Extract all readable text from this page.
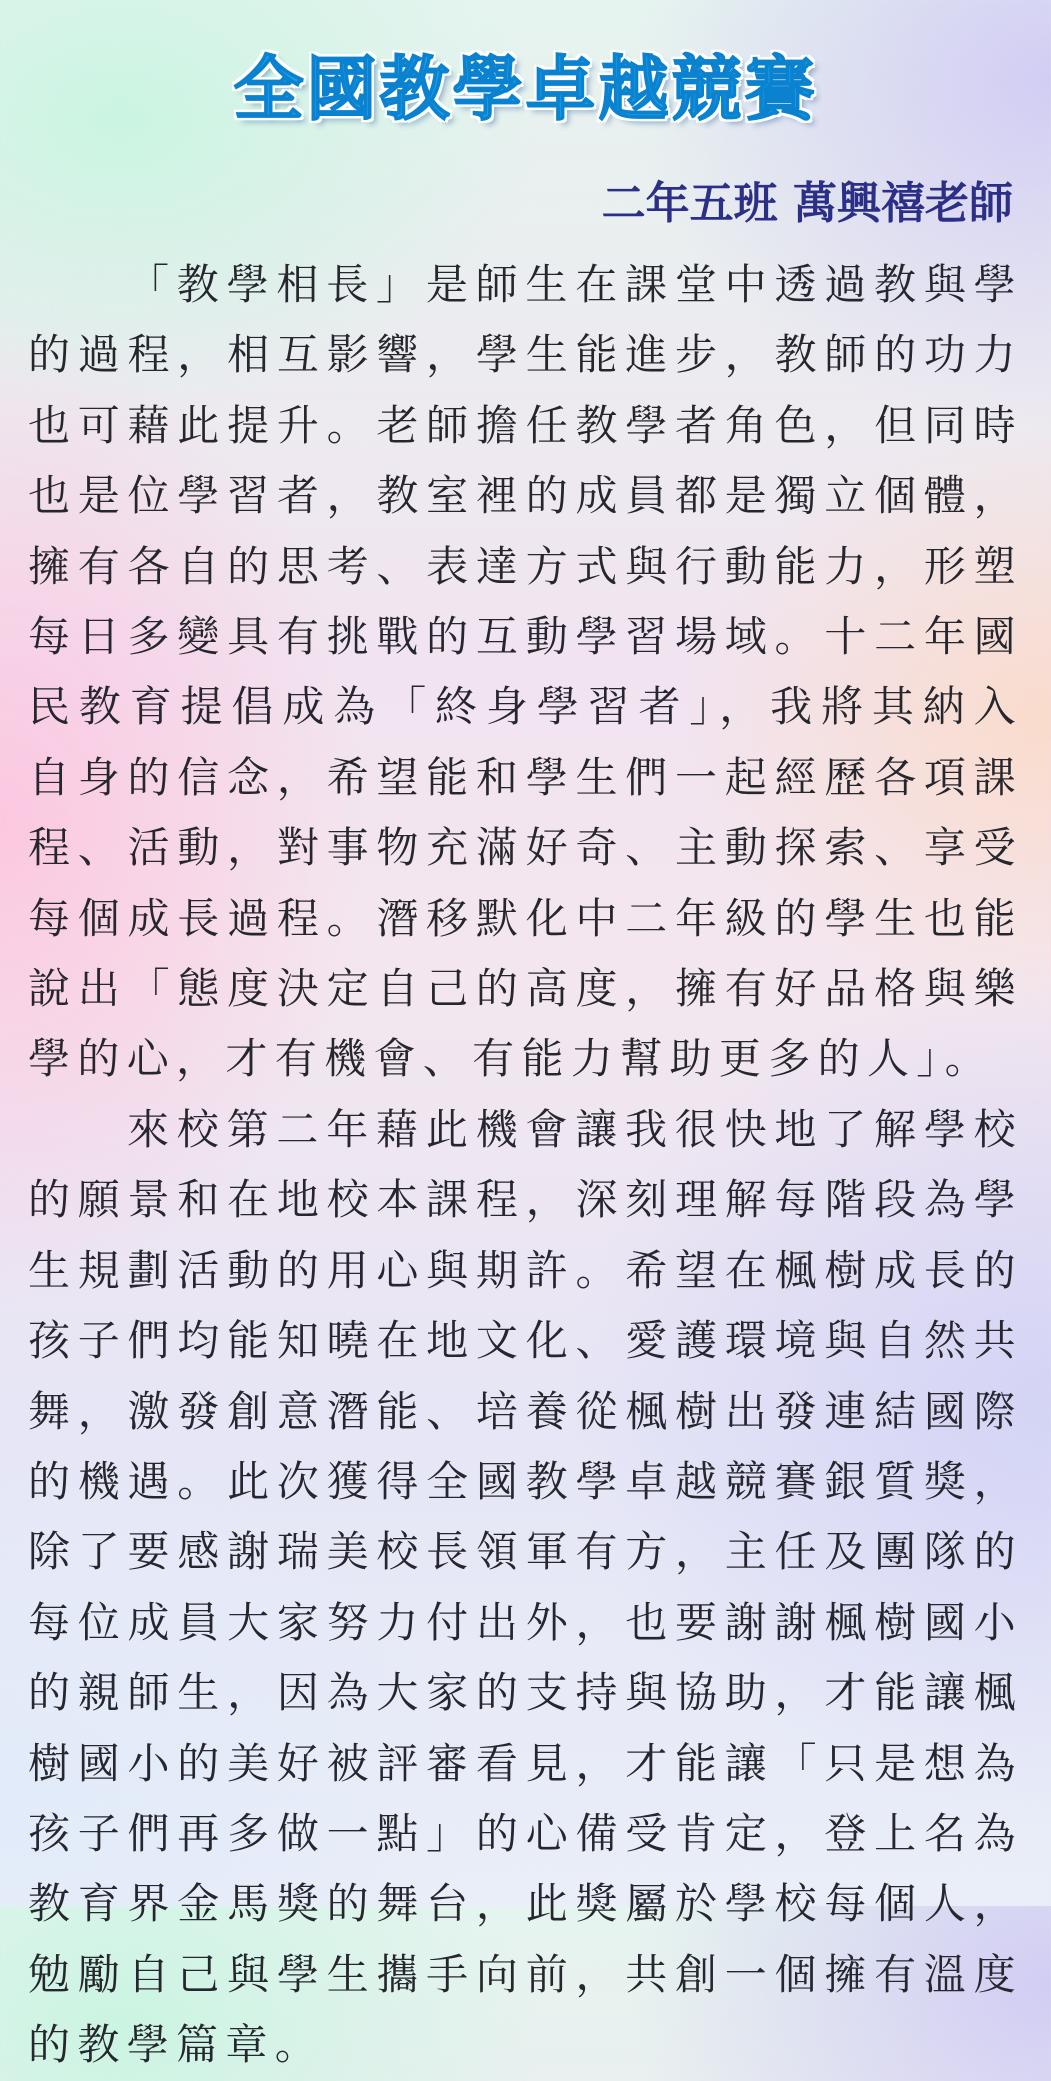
全國教學卓越競賽
二年五班 萬興禧老師

「教學相長」是師生在課堂中透過教與學的過程，相互影響，學生能進步，教師的功力也可藉此提升。老師擔任教學者角色，但同時也是位學習者，教室裡的成員都是獨立個體，擁有各自的思考、表達方式與行動能力，形塑每日多變具有挑戰的互動學習場域。十二年國民教育提倡成為「終身學習者」，我將其納入自身的信念，希望能和學生們一起經歷各項課程、活動，對事物充滿好奇、主動探索、享受每個成長過程。潛移默化中二年級的學生也能說出「態度決定自己的高度，擁有好品格與樂學的心，才有機會、有能力幫助更多的人」。

來校第二年藉此機會讓我很快地了解學校的願景和在地校本課程，深刻理解每階段為學生規劃活動的用心與期許。希望在楓樹成長的孩子們均能知曉在地文化、愛護環境與自然共舞，激發創意潛能、培養從楓樹出發連結國際的機遇。此次獲得全國教學卓越競賽銀質獎，除了要感謝瑞美校長領軍有方，主任及團隊的每位成員大家努力付出外，也要謝謝楓樹國小的親師生，因為大家的支持與協助，才能讓楓樹國小的美好被評審看見，才能讓「只是想為孩子們再多做一點」的心備受肯定，登上名為教育界金馬獎的舞台，此獎屬於學校每個人，勉勵自己與學生攜手向前，共創一個擁有溫度的教學篇章。
